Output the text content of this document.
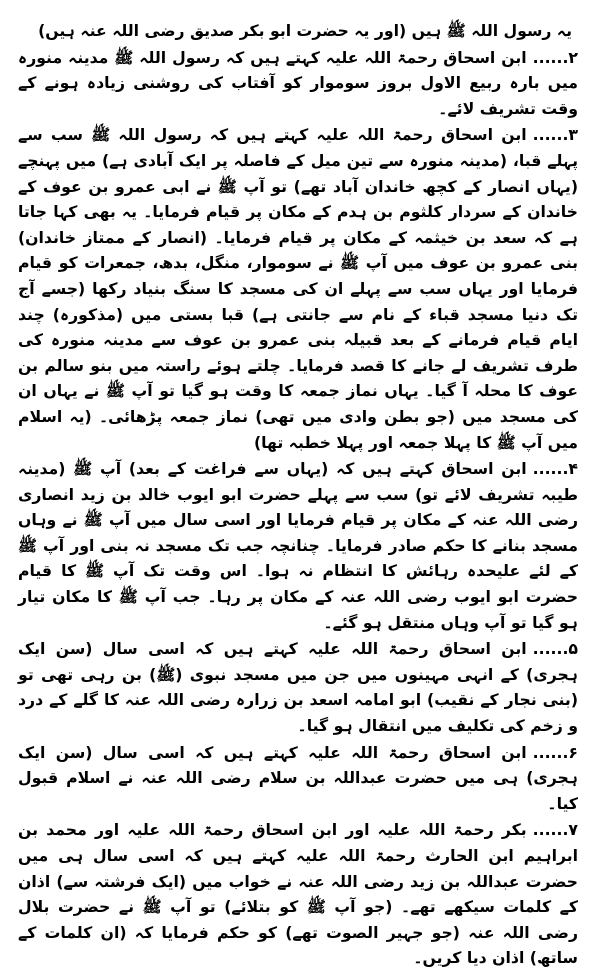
یہ رسول اللہ ﷺ ہیں (اور یہ حضرت ابو بکر صدیق رضی اللہ عنہ ہیں)

۲......ابن اسحاق رحمۃ اللہ علیہ کہتے ہیں کہ رسول اللہ ﷺ مدینہ منورہ میں بارہ ربیع الاول بروز سوموار کو آفتاب کی روشنی زیادہ ہونے کے وقت تشریف لائے۔

۳......ابن اسحاق رحمۃ اللہ علیہ کہتے ہیں کہ رسول اللہ ﷺ سب سے پہلے قبا، (مدینہ منورہ سے تین میل کے فاصلہ پر ایک آبادی ہے) میں پہنچے (یہاں انصار کے کچھ خاندان آباد تھے) تو آپ ﷺ نے ابی عمرو بن عوف کے خاندان کے سردار کلثوم بن ہدم کے مکان پر قیام فرمایا۔ یہ بھی کہا جاتا ہے کہ سعد بن خیثمہ کے مکان پر قیام فرمایا۔ (انصار کے ممتاز خاندان) بنی عمرو بن عوف میں آپ ﷺ نے سوموار، منگل، بدھ، جمعرات کو قیام فرمایا اور یہاں سب سے پہلے ان کی مسجد کا سنگ بنیاد رکھا (جسے آج تک دنیا مسجد قباء کے نام سے جانتی ہے) قبا بستی میں (مذکورہ) چند ایام قیام فرمانے کے بعد قبیلہ بنی عمرو بن عوف سے مدینہ منورہ کی طرف تشریف لے جانے کا قصد فرمایا۔ چلتے ہوئے راستہ میں بنو سالم بن عوف کا محلہ آ گیا۔ یہاں نماز جمعہ کا وقت ہو گیا تو آپ ﷺ نے یہاں ان کی مسجد میں (جو بطن وادی میں تھی) نماز جمعہ پڑھائی۔ (یہ اسلام میں آپ ﷺ کا پہلا جمعہ اور پہلا خطبہ تھا)

۴......ابن اسحاق کہتے ہیں کہ (یہاں سے فراغت کے بعد) آپ ﷺ (مدینہ طیبہ تشریف لائے تو) سب سے پہلے حضرت ابو ایوب خالد بن زید انصاری رضی اللہ عنہ کے مکان پر قیام فرمایا اور اسی سال میں آپ ﷺ نے وہاں مسجد بنانے کا حکم صادر فرمایا۔ چنانچہ جب تک مسجد نہ بنی اور آپ ﷺ کے لئے علیحدہ رہائش کا انتظام نہ ہوا۔ اس وقت تک آپ ﷺ کا قیام حضرت ابو ایوب رضی اللہ عنہ کے مکان پر رہا۔ جب آپ ﷺ کا مکان تیار ہو گیا تو آپ وہاں منتقل ہو گئے۔

۵......ابن اسحاق رحمۃ اللہ علیہ کہتے ہیں کہ اسی سال (سن ایک ہجری) کے انہی مہینوں میں جن میں مسجد نبوی (ﷺ) بن رہی تھی تو (بنی نجار کے نقیب) ابو امامہ اسعد بن زرارہ رضی اللہ عنہ کا گلے کے درد و زخم کی تکلیف میں انتقال ہو گیا۔

۶......ابن اسحاق رحمۃ اللہ علیہ کہتے ہیں کہ اسی سال (سن ایک ہجری) ہی میں حضرت عبداللہ بن سلام رضی اللہ عنہ نے اسلام قبول کیا۔

۷......بکر رحمۃ اللہ علیہ اور ابن اسحاق رحمۃ اللہ علیہ اور محمد بن ابراہیم ابن الحارث رحمۃ اللہ علیہ کہتے ہیں کہ اسی سال ہی میں حضرت عبداللہ بن زید رضی اللہ عنہ نے خواب میں (ایک فرشتہ سے) اذان کے کلمات سیکھے تھے۔ (جو آپ ﷺ کو بتلائے) تو آپ ﷺ نے حضرت بلال رضی اللہ عنہ (جو جہیر الصوت تھے) کو حکم فرمایا کہ (ان کلمات کے ساتھ) اذان دیا کریں۔
